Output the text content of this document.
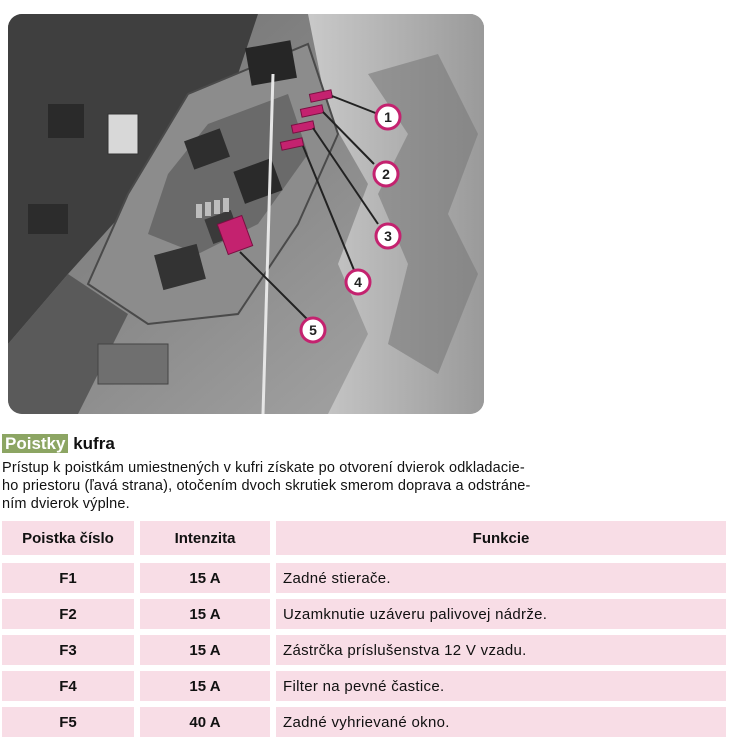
1
2
3
4
5
Poistky kufra
Prístup k poistkám umiestnených v kufri získate po otvorení dvierok odkladacie-
ho priestoru (ľavá strana), otočením dvoch skrutiek smerom doprava a odstráne-
ním dvierok výplne.
Poistka číslo	Intenzita	Funkcie
F1	15 A	Zadné stierače.
F2	15 A	Uzamknutie uzáveru palivovej nádrže.
F3	15 A	Zástrčka príslušenstva 12 V vzadu.
F4	15 A	Filter na pevné častice.
F5	40 A	Zadné vyhrievané okno.
